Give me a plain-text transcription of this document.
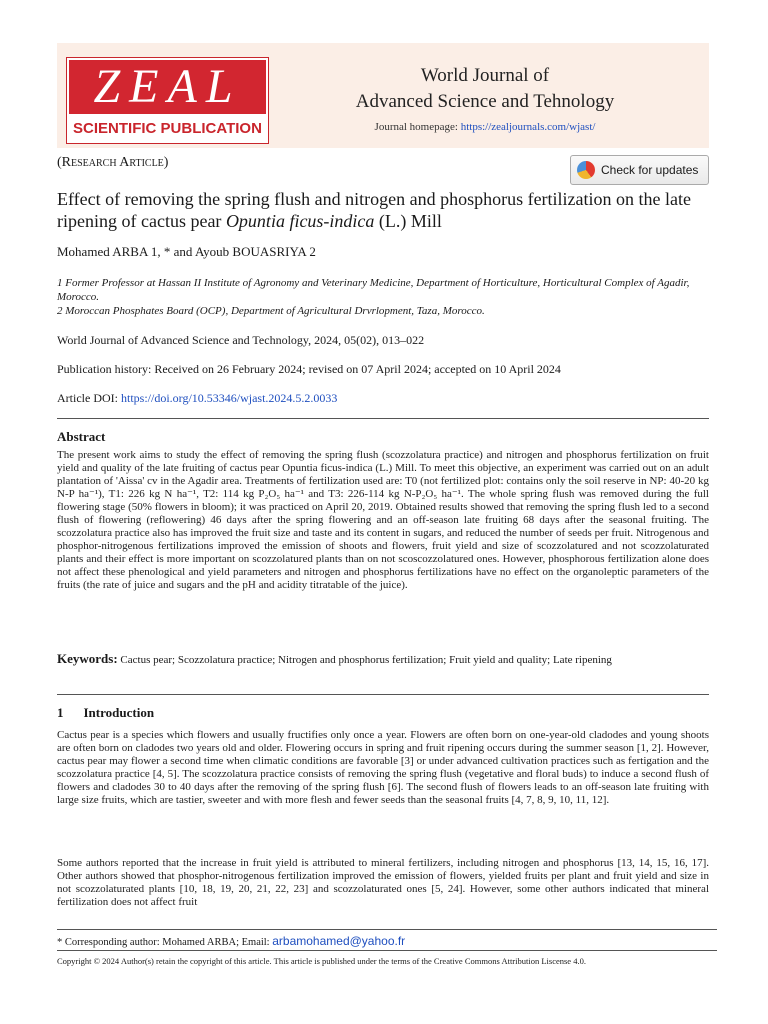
ZEAL
SCIENTIFIC PUBLICATION
World Journal of
Advanced Science and Tehnology
Journal homepage: https://zealjournals.com/wjast/
(Research Article)	Check for updates
Effect of removing the spring flush and nitrogen and phosphorus fertilization on the late ripening of cactus pear Opuntia ficus-indica (L.) Mill
Mohamed ARBA 1, * and Ayoub BOUASRIYA 2
1 Former Professor at Hassan II Institute of Agronomy and Veterinary Medicine, Department of Horticulture, Horticultural Complex of Agadir, Morocco.
2 Moroccan Phosphates Board (OCP), Department of Agricultural Drvrlopment, Taza, Morocco.
World Journal of Advanced Science and Technology, 2024, 05(02), 013–022
Publication history: Received on 26 February 2024; revised on 07 April 2024; accepted on 10 April 2024
Article DOI: https://doi.org/10.53346/wjast.2024.5.2.0033
Abstract
The present work aims to study the effect of removing the spring flush (scozzolatura practice) and nitrogen and phosphorus fertilization on fruit yield and quality of the late fruiting of cactus pear Opuntia ficus-indica (L.) Mill. To meet this objective, an experiment was carried out on an adult plantation of 'Aissa' cv in the Agadir area. Treatments of fertilization used are: T0 (not fertilized plot: contains only the soil reserve in NP: 40-20 kg N-P ha⁻¹), T1: 226 kg N ha⁻¹, T2: 114 kg P₂O₅ ha⁻¹ and T3: 226-114 kg N-P₂O₅ ha⁻¹. The whole spring flush was removed during the full flowering stage (50% flowers in bloom); it was practiced on April 20, 2019. Obtained results showed that removing the spring flush led to a second flush of flowering (reflowering) 46 days after the spring flowering and an off-season late fruiting 68 days after the seasonal fruiting. The scozzolatura practice also has improved the fruit size and taste and its content in sugars, and reduced the number of seeds per fruit. Nitrogenous and phosphor-nitrogenous fertilizations improved the emission of shoots and flowers, fruit yield and size of scozzolatured and not scozzolaturated plants and their effect is more important on scozzolatured plants than on not scoscozzolatured ones. However, phosphorous fertilization alone does not affect these phenological and yield parameters and nitrogen and phosphorus fertilizations have no effect on the organoleptic parameters of the fruits (the rate of juice and sugars and the pH and acidity titratable of the juice).
Keywords: Cactus pear; Scozzolatura practice; Nitrogen and phosphorus fertilization; Fruit yield and quality; Late ripening
1 Introduction
Cactus pear is a species which flowers and usually fructifies only once a year. Flowers are often born on one-year-old cladodes and young shoots are often born on cladodes two years old and older. Flowering occurs in spring and fruit ripening occurs during the summer season [1, 2]. However, cactus pear may flower a second time when climatic conditions are favorable [3] or under advanced cultivation practices such as fertigation and the scozzolatura practice [4, 5]. The scozzolatura practice consists of removing the spring flush (vegetative and floral buds) to induce a second flush of flowers and cladodes 30 to 40 days after the removing of the spring flush [6]. The second flush of flowers leads to an off-season late fruiting with large size fruits, which are tastier, sweeter and with more flesh and fewer seeds than the seasonal fruits [4, 7, 8, 9, 10, 11, 12].
Some authors reported that the increase in fruit yield is attributed to mineral fertilizers, including nitrogen and phosphorus [13, 14, 15, 16, 17]. Other authors showed that phosphor-nitrogenous fertilization improved the emission of flowers, yielded fruits per plant and fruit yield and size in not scozzolaturated plants [10, 18, 19, 20, 21, 22, 23] and scozzolaturated ones [5, 24]. However, some other authors indicated that mineral fertilization does not affect fruit
* Corresponding author: Mohamed ARBA; Email: arbamohamed@yahoo.fr
Copyright © 2024 Author(s) retain the copyright of this article. This article is published under the terms of the Creative Commons Attribution Liscense 4.0.
